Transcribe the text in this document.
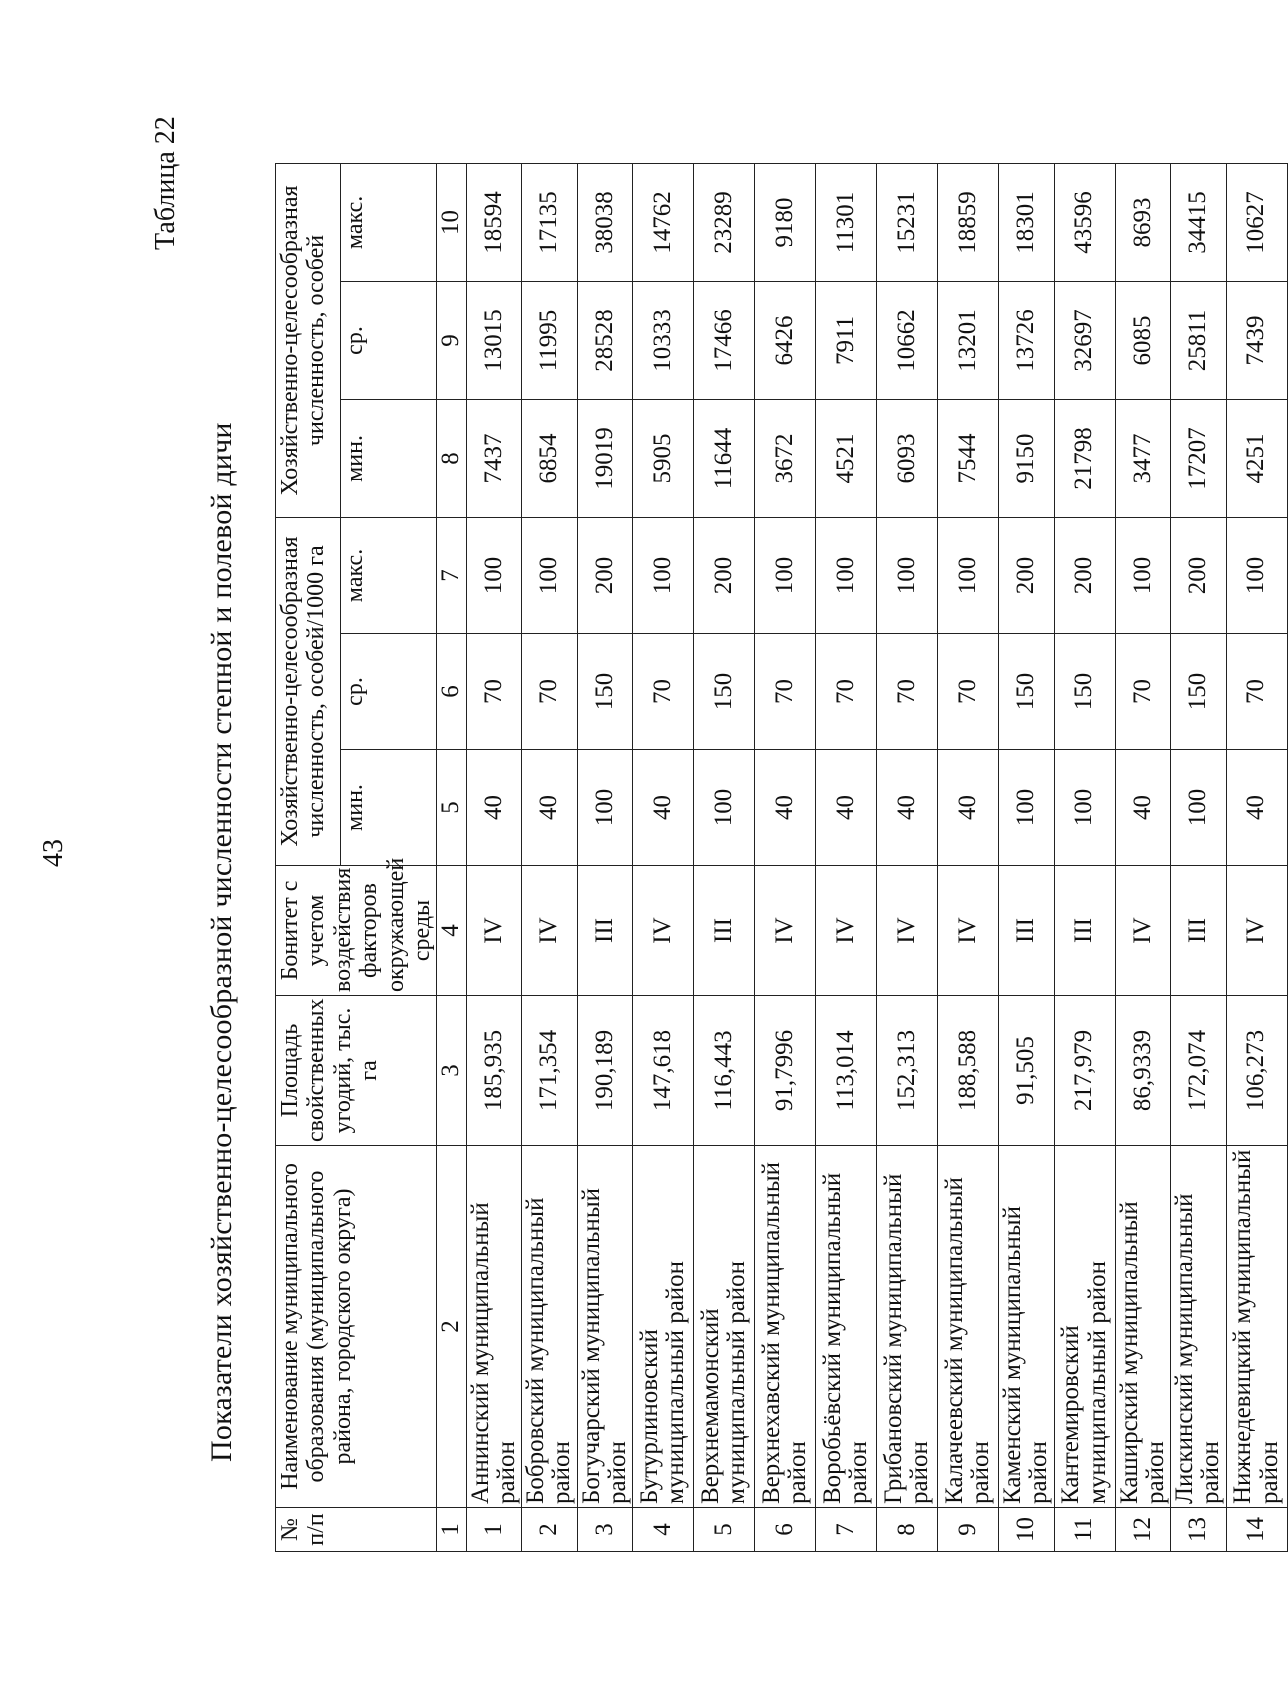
43
Таблица 22
Показатели хозяйственно-целесообразной численности степной и полевой дичи
№ п/п	Наименование муниципального образования (муниципального района, городского округа)	Площадь свойственных угодий, тыс. га	Бонитет с учетом воздействия факторов окружающей среды	Хозяйственно-целесообразная численность, особей/1000 га			Хозяйственно-целесообразная численность, особей		
				мин.	ср.	макс.	мин.	ср.	макс.
1	2	3	4	5	6	7	8	9	10
1	Аннинский муниципальный район	185,935	IV	40	70	100	7437	13015	18594
2	Бобровский муниципальный район	171,354	IV	40	70	100	6854	11995	17135
3	Богучарский муниципальный район	190,189	III	100	150	200	19019	28528	38038
4	Бутурлиновский муниципальный район	147,618	IV	40	70	100	5905	10333	14762
5	Верхнемамонский муниципальный район	116,443	III	100	150	200	11644	17466	23289
6	Верхнехавский муниципальный район	91,7996	IV	40	70	100	3672	6426	9180
7	Воробьёвский муниципальный район	113,014	IV	40	70	100	4521	7911	11301
8	Грибановский муниципальный район	152,313	IV	40	70	100	6093	10662	15231
9	Калачеевский муниципальный район	188,588	IV	40	70	100	7544	13201	18859
10	Каменский муниципальный район	91,505	III	100	150	200	9150	13726	18301
11	Кантемировский муниципальный район	217,979	III	100	150	200	21798	32697	43596
12	Каширский муниципальный район	86,9339	IV	40	70	100	3477	6085	8693
13	Лискинский муниципальный район	172,074	III	100	150	200	17207	25811	34415
14	Нижнедевицкий муниципальный район	106,273	IV	40	70	100	4251	7439	10627
